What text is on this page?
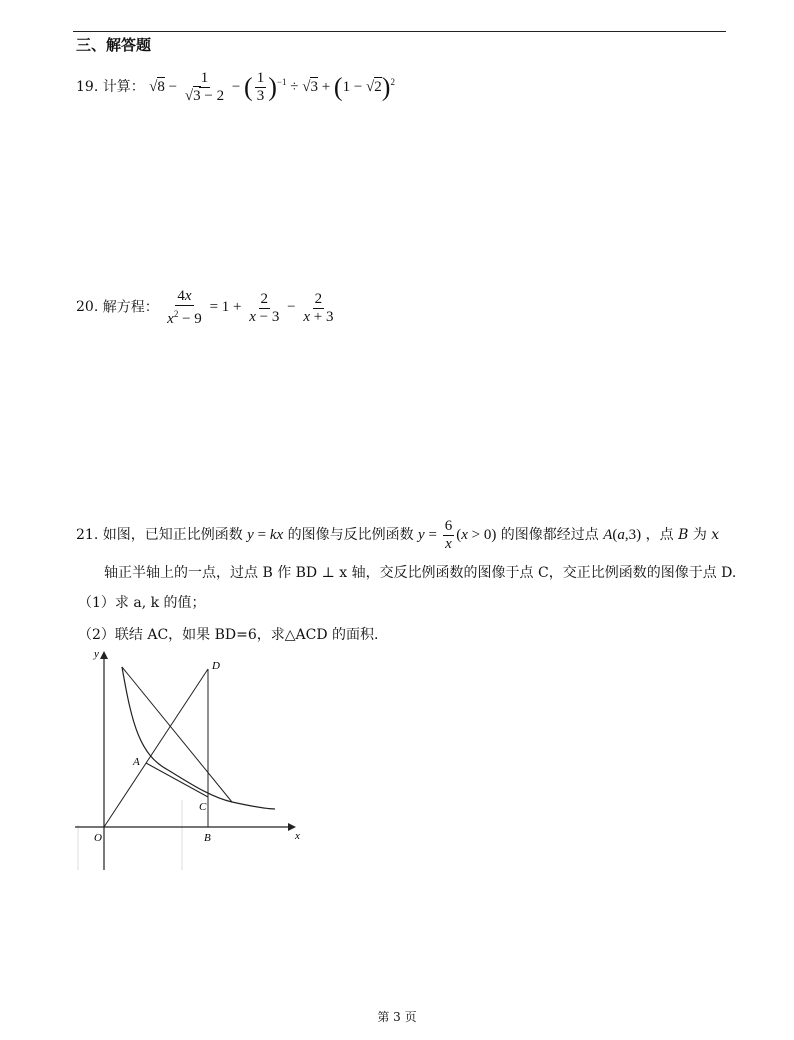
三、解答题
19. 计算： $√8 - \frac{1}{√3 - 2}$ − ( $\frac{1}{3} )^{-1} \div √3 + (1 - √2)^2$
20. 解方程： $\frac{4x}{x^2 - 9} = 1 + \frac{2}{x - 3} - \frac{2}{x + 3}$
21. 如图，已知正比例函数 y = kx 的图像与反比例函数 $y = \frac{6}{x} (x > 0)$ 的图像都经过点 A(a,3) ，点 B 为 x
轴正半轴上的一点，过点 B 作 BD ⊥ x 轴，交反比例函数的图像于点 C，交正比例函数的图像于点 D.
（1）求 a, k 的值；
（2）联结 AC，如果 BD=6，求△ACD 的面积.
y
x
O
A
B
C
D
第 3 页
